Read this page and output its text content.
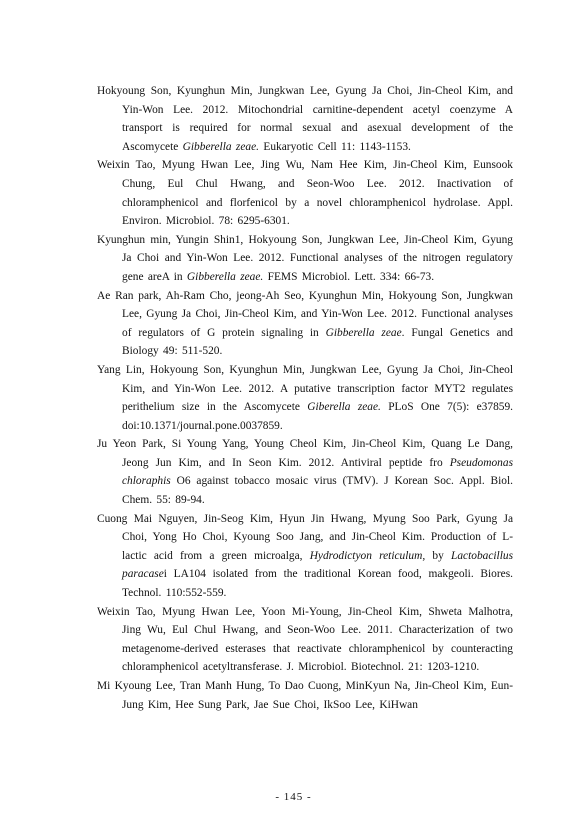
Hokyoung Son, Kyunghun Min, Jungkwan Lee, Gyung Ja Choi, Jin-Cheol Kim, and Yin-Won Lee. 2012. Mitochondrial carnitine-dependent acetyl coenzyme A transport is required for normal sexual and asexual development of the Ascomycete Gibberella zeae. Eukaryotic Cell 11: 1143-1153.

Weixin Tao, Myung Hwan Lee, Jing Wu, Nam Hee Kim, Jin-Cheol Kim, Eunsook Chung, Eul Chul Hwang, and Seon-Woo Lee. 2012. Inactivation of chloramphenicol and florfenicol by a novel chloramphenicol hydrolase. Appl. Environ. Microbiol. 78: 6295-6301.

Kyunghun min, Yungin Shin1, Hokyoung Son, Jungkwan Lee, Jin-Cheol Kim, Gyung Ja Choi and Yin-Won Lee. 2012. Functional analyses of the nitrogen regulatory gene areA in Gibberella zeae. FEMS Microbiol. Lett. 334: 66-73.

Ae Ran park, Ah-Ram Cho, jeong-Ah Seo, Kyunghun Min, Hokyoung Son, Jungkwan Lee, Gyung Ja Choi, Jin-Cheol Kim, and Yin-Won Lee. 2012. Functional analyses of regulators of G protein signaling in Gibberella zeae. Fungal Genetics and Biology 49: 511-520.

Yang Lin, Hokyoung Son, Kyunghun Min, Jungkwan Lee, Gyung Ja Choi, Jin-Cheol Kim, and Yin-Won Lee. 2012. A putative transcription factor MYT2 regulates perithelium size in the Ascomycete Giberella zeae. PLoS One 7(5): e37859. doi:10.1371/journal.pone.0037859.

Ju Yeon Park, Si Young Yang, Young Cheol Kim, Jin-Cheol Kim, Quang Le Dang, Jeong Jun Kim, and In Seon Kim. 2012. Antiviral peptide fro Pseudomonas chloraphis O6 against tobacco mosaic virus (TMV). J Korean Soc. Appl. Biol. Chem. 55: 89-94.

Cuong Mai Nguyen, Jin-Seog Kim, Hyun Jin Hwang, Myung Soo Park, Gyung Ja Choi, Yong Ho Choi, Kyoung Soo Jang, and Jin-Cheol Kim. Production of L-lactic acid from a green microalga, Hydrodictyon reticulum, by Lactobacillus paracasei LA104 isolated from the traditional Korean food, makgeoli. Biores. Technol. 110:552-559.

Weixin Tao, Myung Hwan Lee, Yoon Mi-Young, Jin-Cheol Kim, Shweta Malhotra, Jing Wu, Eul Chul Hwang, and Seon-Woo Lee. 2011. Characterization of two metagenome-derived esterases that reactivate chloramphenicol by counteracting chloramphenicol acetyltransferase. J. Microbiol. Biotechnol. 21: 1203-1210.

Mi Kyoung Lee, Tran Manh Hung, To Dao Cuong, MinKyun Na, Jin-Cheol Kim, Eun-Jung Kim, Hee Sung Park, Jae Sue Choi, IkSoo Lee, KiHwan

- 145 -
